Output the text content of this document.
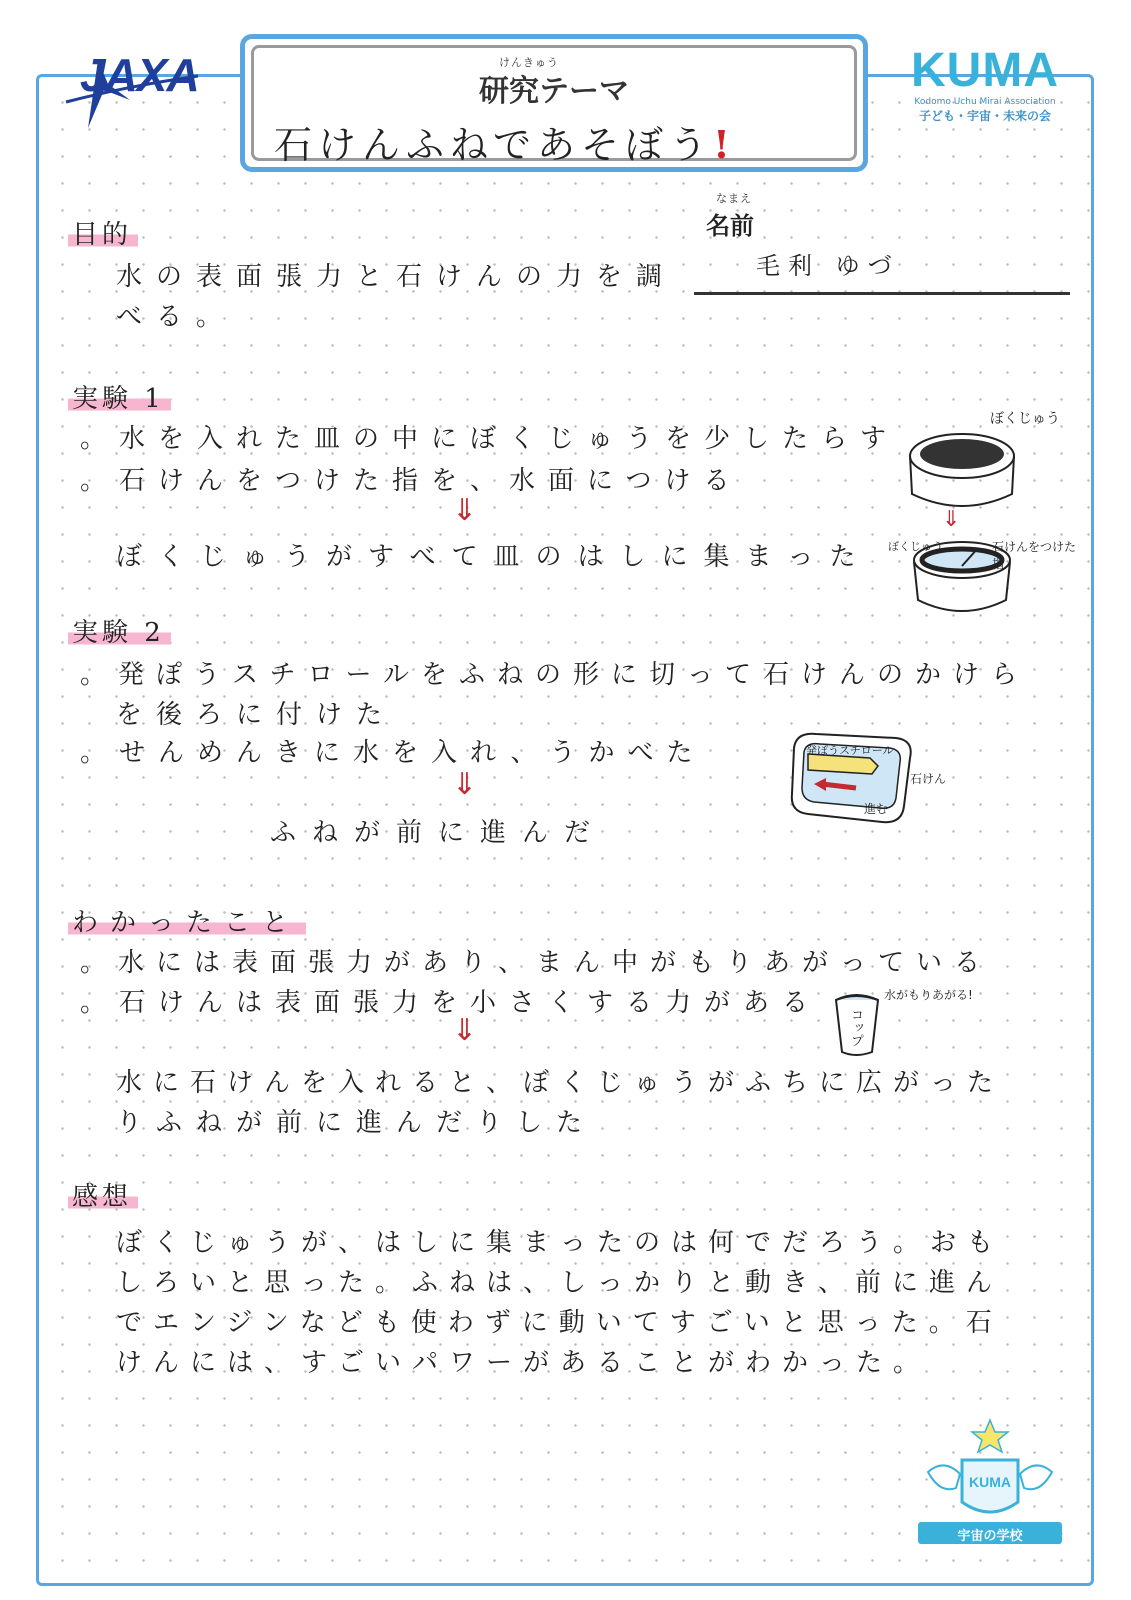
JAXA	KUMA
Kodomo Uchu Mirai Association
子ども・宇宙・未来の会
けんきゅう
研究テーマ
石けんふねであそぼう!
なまえ
名前
毛利 ゆづ
目的
水の表面張力と石けんの力を調
べる。
実験 1
。水を入れた皿の中にぼくじゅうを少したらす
。石けんをつけた指を、水面につける
⇓
ぼくじゅうがすべて皿のはしに集まった
⇓
ぼくじゅう
ぼくじゅう	石けんをつけた指
実験 2
。発ぽうスチロールをふねの形に切って石けんのかけら
を後ろに付けた
。せんめんきに水を入れ、うかべた
⇓
ふねが前に進んだ
発ぽうスチロール
石けん
進む
わかったこと
。水には表面張力があり、まん中がもりあがっている
。石けんは表面張力を小さくする力がある
⇓
水に石けんを入れると、ぼくじゅうがふちに広がった
りふねが前に進んだりした
コップ
水がもりあがる!
感想
ぼくじゅうが、はしに集まったのは何でだろう。おも
しろいと思った。ふねは、しっかりと動き、前に進ん
でエンジンなども使わずに動いてすごいと思った。石
けんには、すごいパワーがあることがわかった。
KUMA
宇宙の学校
